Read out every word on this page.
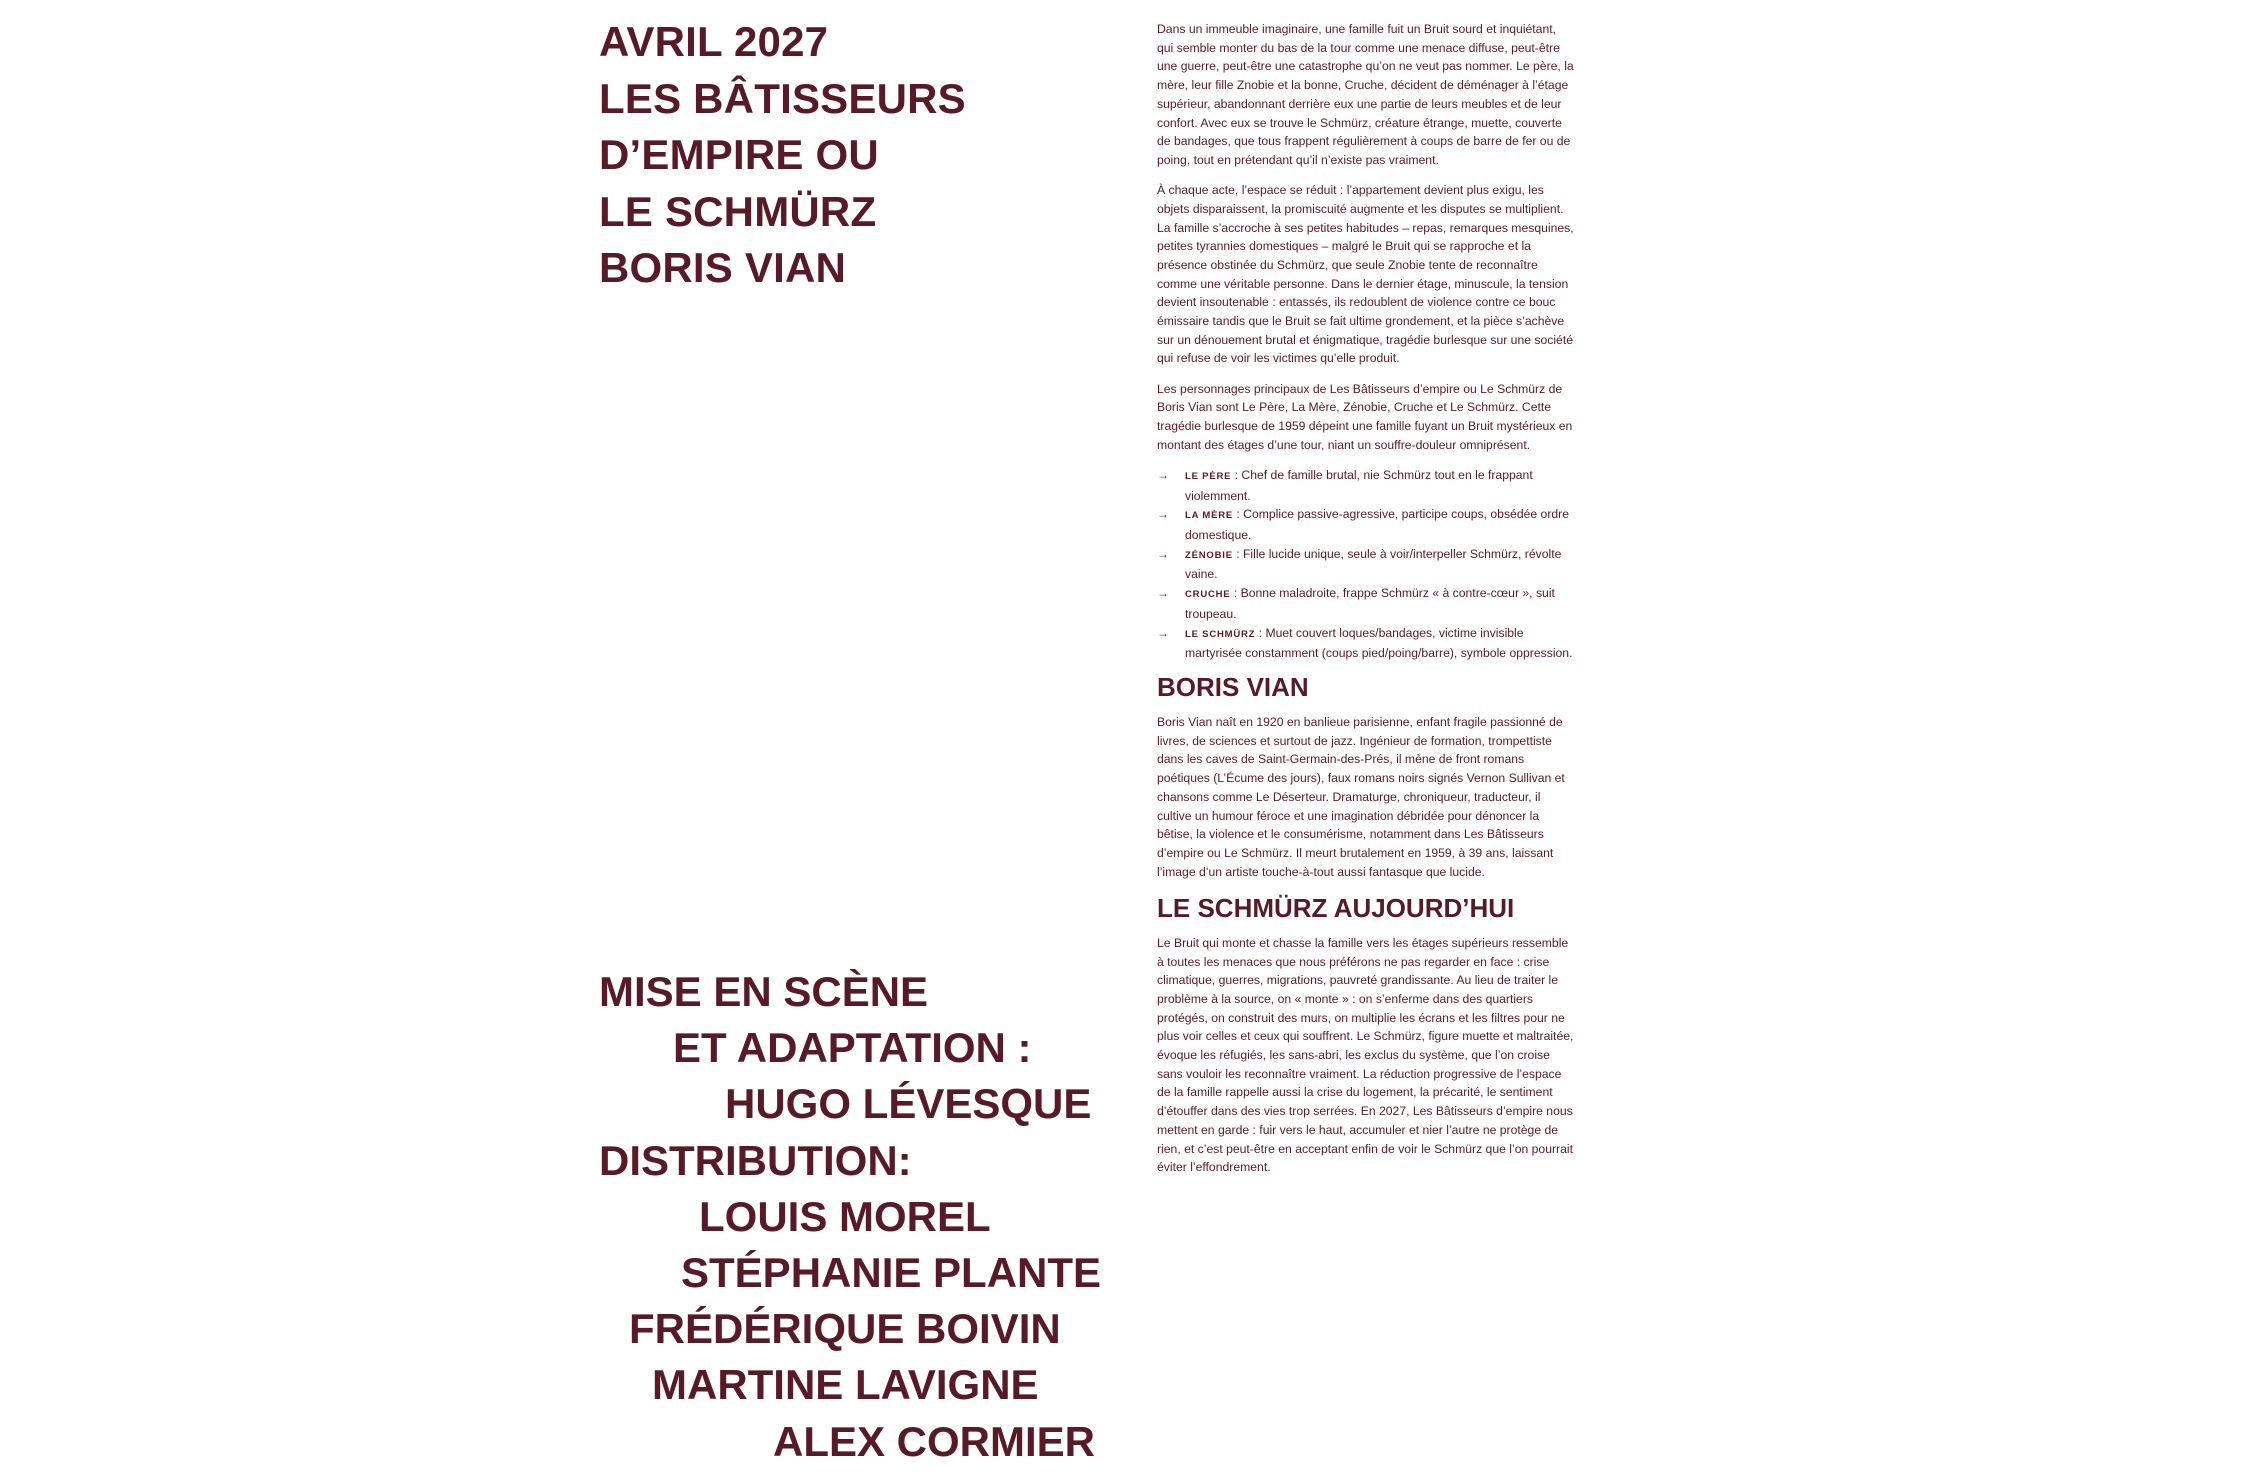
AVRIL 2027
LES BÂTISSEURS
D’EMPIRE OU
LE SCHMÜRZ
BORIS VIAN
MISE EN SCÈNE
ET ADAPTATION :
HUGO LÉVESQUE
DISTRIBUTION:
LOUIS MOREL
STÉPHANIE PLANTE
FRÉDÉRIQUE BOIVIN
MARTINE LAVIGNE
ALEX CORMIER

Dans un immeuble imaginaire, une famille fuit un Bruit sourd et inquiétant, qui semble monter du bas de la tour comme une menace diffuse, peut-être une guerre, peut-être une catastrophe qu’on ne veut pas nommer. Le père, la mère, leur fille Znobie et la bonne, Cruche, décident de déménager à l’étage supérieur, abandonnant derrière eux une partie de leurs meubles et de leur confort. Avec eux se trouve le Schmürz, créature étrange, muette, couverte de bandages, que tous frappent régulièrement à coups de barre de fer ou de poing, tout en prétendant qu’il n’existe pas vraiment.

À chaque acte, l’espace se réduit : l’appartement devient plus exigu, les objets disparaissent, la promiscuité augmente et les disputes se multiplient. La famille s’accroche à ses petites habitudes – repas, remarques mesquines, petites tyrannies domestiques – malgré le Bruit qui se rapproche et la présence obstinée du Schmürz, que seule Znobie tente de reconnaître comme une véritable personne. Dans le dernier étage, minuscule, la tension devient insoutenable : entassés, ils redoublent de violence contre ce bouc émissaire tandis que le Bruit se fait ultime grondement, et la pièce s’achève sur un dénouement brutal et énigmatique, tragédie burlesque sur une société qui refuse de voir les victimes qu’elle produit.

Les personnages principaux de Les Bâtisseurs d’empire ou Le Schmürz de Boris Vian sont Le Père, La Mère, Zénobie, Cruche et Le Schmürz. Cette tragédie burlesque de 1959 dépeint une famille fuyant un Bruit mystérieux en montant des étages d’une tour, niant un souffre-douleur omniprésent.

→ LE PÈRE : Chef de famille brutal, nie Schmürz tout en le frappant violemment.
→ LA MÈRE : Complice passive-agressive, participe coups, obsédée ordre domestique.
→ ZÉNOBIE : Fille lucide unique, seule à voir/interpeller Schmürz, révolte vaine.
→ CRUCHE : Bonne maladroite, frappe Schmürz « à contre-cœur », suit troupeau.
→ LE SCHMÜRZ : Muet couvert loques/bandages, victime invisible martyrisée constamment (coups pied/poing/barre), symbole oppression.
BORIS VIAN

Boris Vian naît en 1920 en banlieue parisienne, enfant fragile passionné de livres, de sciences et surtout de jazz. Ingénieur de formation, trompettiste dans les caves de Saint-Germain-des-Prés, il mène de front romans poétiques (L’Écume des jours), faux romans noirs signés Vernon Sullivan et chansons comme Le Déserteur. Dramaturge, chroniqueur, traducteur, il cultive un humour féroce et une imagination débridée pour dénoncer la bêtise, la violence et le consumérisme, notamment dans Les Bâtisseurs d’empire ou Le Schmürz. Il meurt brutalement en 1959, à 39 ans, laissant l’image d’un artiste touche-à-tout aussi fantasque que lucide.

LE SCHMÜRZ AUJOURD’HUI

Le Bruit qui monte et chasse la famille vers les étages supérieurs ressemble à toutes les menaces que nous préférons ne pas regarder en face : crise climatique, guerres, migrations, pauvreté grandissante. Au lieu de traiter le problème à la source, on « monte » : on s’enferme dans des quartiers protégés, on construit des murs, on multiplie les écrans et les filtres pour ne plus voir celles et ceux qui souffrent. Le Schmürz, figure muette et maltraitée, évoque les réfugiés, les sans-abri, les exclus du système, que l’on croise sans vouloir les reconnaître vraiment. La réduction progressive de l’espace de la famille rappelle aussi la crise du logement, la précarité, le sentiment d’étouffer dans des vies trop serrées. En 2027, Les Bâtisseurs d’empire nous mettent en garde : fuir vers le haut, accumuler et nier l’autre ne protège de rien, et c’est peut-être en acceptant enfin de voir le Schmürz que l’on pourrait éviter l’effondrement.
